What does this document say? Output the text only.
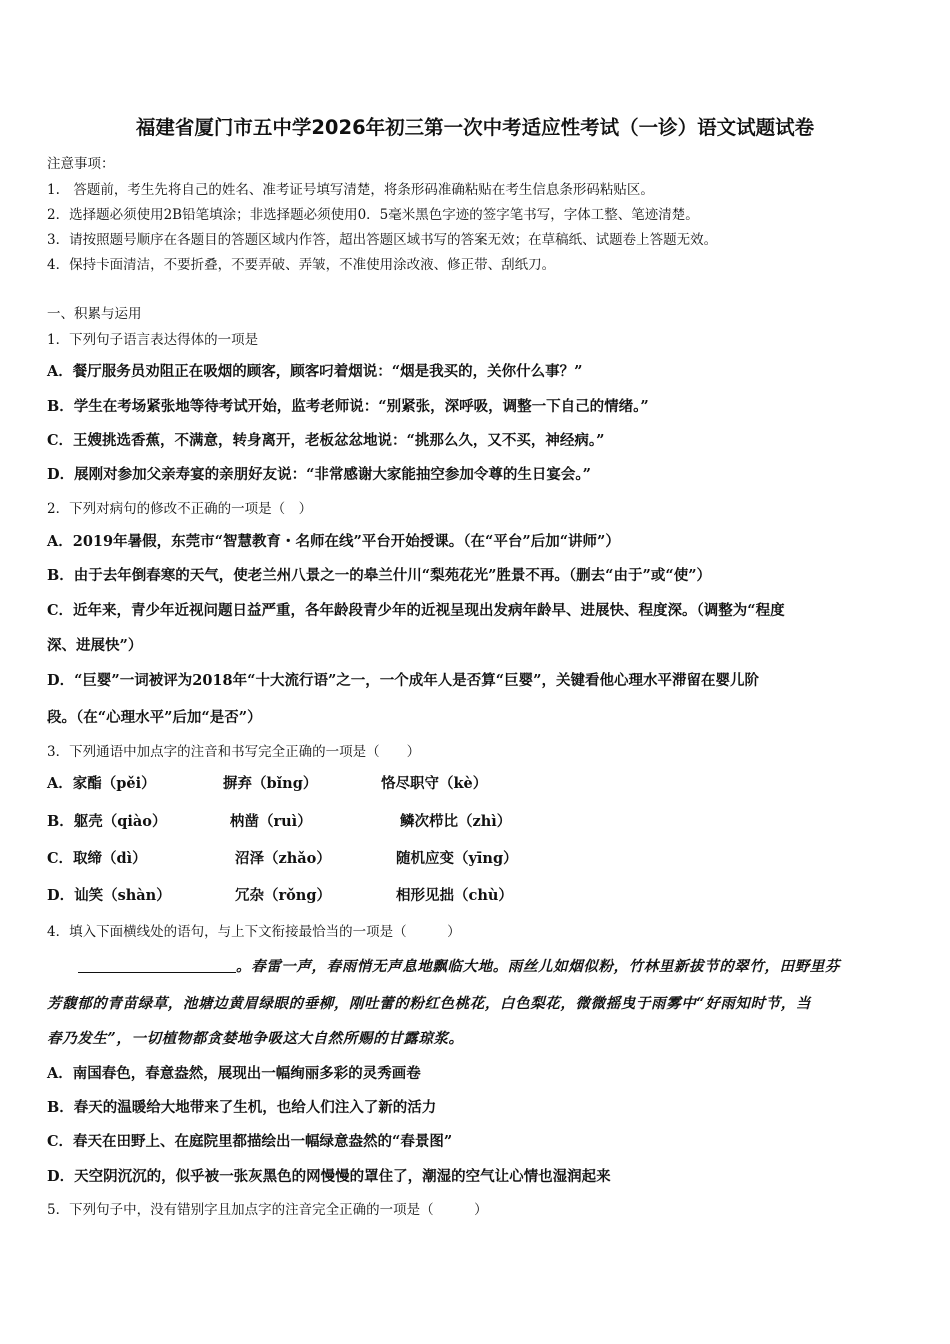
福建省厦门市五中学2026年初三第一次中考适应性考试（一诊）语文试题试卷
注意事项：
1.　答题前，考生先将自己的姓名、准考证号填写清楚，将条形码准确粘贴在考生信息条形码粘贴区。
2．选择题必须使用2B铅笔填涂；非选择题必须使用0．5毫米黑色字迹的签字笔书写，字体工整、笔迹清楚。
3．请按照题号顺序在各题目的答题区域内作答，超出答题区域书写的答案无效；在草稿纸、试题卷上答题无效。
4．保持卡面清洁，不要折叠，不要弄破、弄皱，不准使用涂改液、修正带、刮纸刀。
一、积累与运用
1．下列句子语言表达得体的一项是
A．餐厅服务员劝阻正在吸烟的顾客，顾客叼着烟说：“烟是我买的，关你什么事？”
B．学生在考场紧张地等待考试开始，监考老师说：“别紧张，深呼吸，调整一下自己的情绪。”
C．王嫂挑选香蕉，不满意，转身离开，老板忿忿地说：“挑那么久，又不买，神经病。”
D．展刚对参加父亲寿宴的亲朋好友说：“非常感谢大家能抽空参加令尊的生日宴会。”
2．下列对病句的修改不正确的一项是（　）
A．2019年暑假，东莞市“智慧教育・名师在线”平台开始授课。（在“平台”后加“讲师”）
B．由于去年倒春寒的天气，使老兰州八景之一的皋兰什川“梨苑花光”胜景不再。（删去“由于”或“使”）
C．近年来，青少年近视问题日益严重，各年龄段青少年的近视呈现出发病年龄早、进展快、程度深。（调整为“程度
深、进展快”）
D．“巨婴”一词被评为2018年“十大流行语”之一，一个成年人是否算“巨婴”，关键看他心理水平滞留在婴儿阶
段。（在“心理水平”后加“是否”）
3．下列通语中加点字的注音和书写完全正确的一项是（　　）
A．家酯（pěi）	摒弃（bǐng）	恪尽职守（kè）
B．躯壳（qiào）	枘凿（ruì）	鳞次栉比（zhì）
C．取缔（dì）	沼泽（zhǎo）	随机应变（yīng）
D．讪笑（shàn）	冗杂（rǒng）	相形见拙（chù）
4．填入下面横线处的语句，与上下文衔接最恰当的一项是（　　　）
。春雷一声，春雨悄无声息地飘临大地。雨丝儿如烟似粉，竹林里新拔节的翠竹，田野里芬
芳馥郁的青苗绿草，池塘边黄眉绿眼的垂柳，刚吐蕾的粉红色桃花，白色梨花，微微摇曳于雨雾中“好雨知时节，当
春乃发生”，一切植物都贪婪地争吸这大自然所赐的甘露琼浆。
A．南国春色，春意盎然，展现出一幅绚丽多彩的灵秀画卷
B．春天的温暖给大地带来了生机，也给人们注入了新的活力
C．春天在田野上、在庭院里都描绘出一幅绿意盎然的“春景图”
D．天空阴沉沉的，似乎被一张灰黑色的网慢慢的罩住了，潮湿的空气让心情也湿润起来
5．下列句子中，没有错别字且加点字的注音完全正确的一项是（　　　）
